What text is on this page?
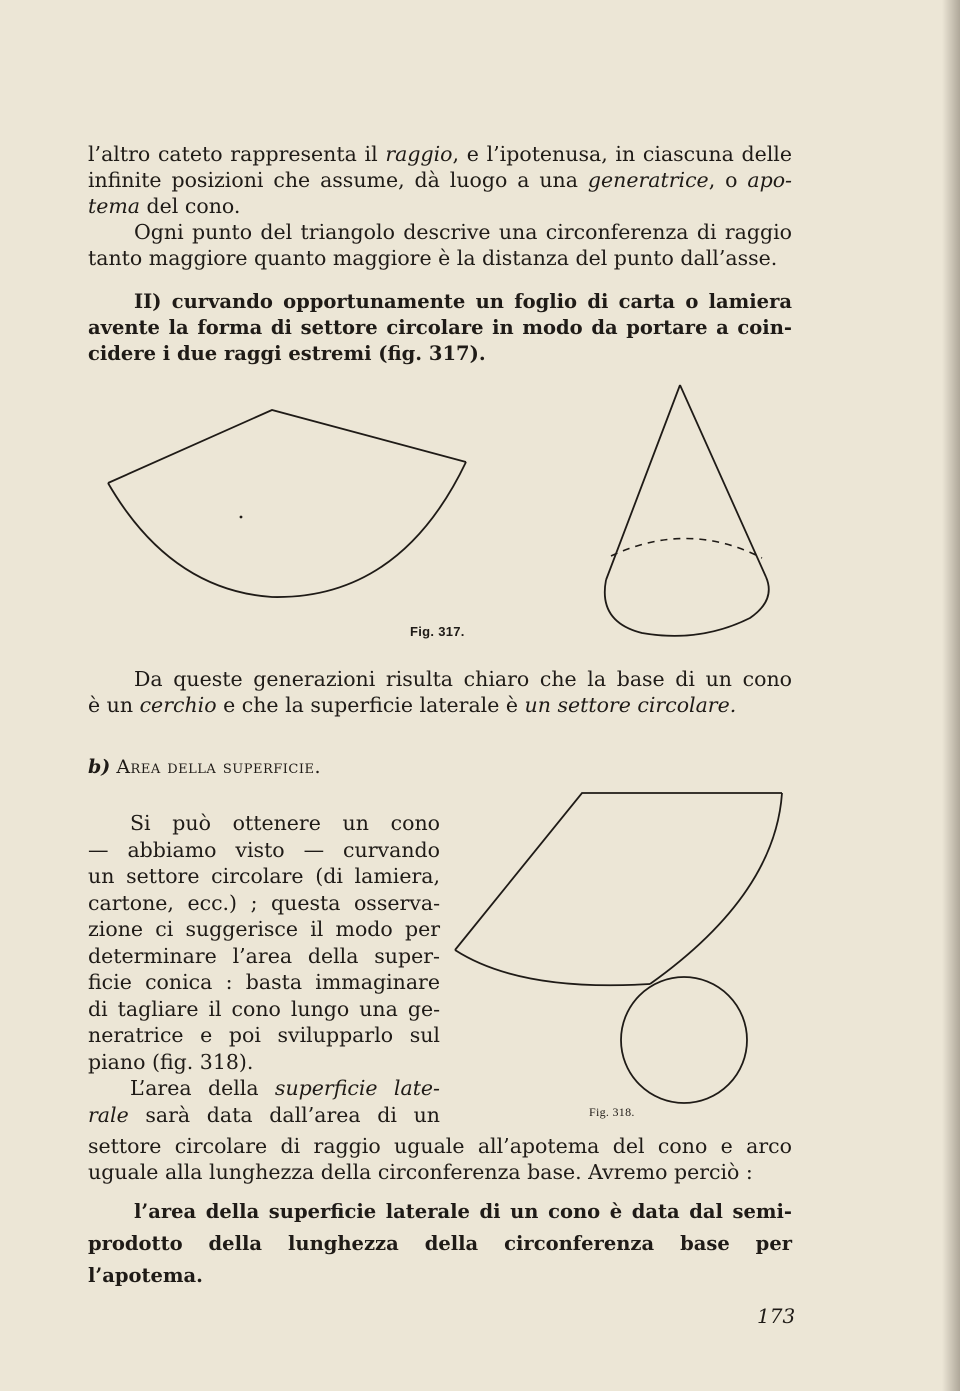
l’altro cateto rappresenta il raggio, e l’ipotenusa, in ciascuna delle
infinite posizioni che assume, dà luogo a una generatrice, o apo-
tema del cono.

Ogni punto del triangolo descrive una circonferenza di raggio
tanto maggiore quanto maggiore è la distanza del punto dall’asse.

II) curvando opportunamente un foglio di carta o lamiera
avente la forma di settore circolare in modo da portare a coin-
cidere i due raggi estremi (fig. 317).

Fig. 317.

Da queste generazioni risulta chiaro che la base di un cono
è un cerchio e che la superficie laterale è un settore circolare.

b) Area della superficie.

Si può ottenere un cono
— abbiamo visto — curvando
un settore circolare (di lamiera,
cartone, ecc.) ; questa osserva-
zione ci suggerisce il modo per
determinare l’area della super-
ficie conica : basta immaginare
di tagliare il cono lungo una ge-
neratrice e poi svilupparlo sul
piano (fig. 318).

L’area della superficie late-
rale sarà data dall’area di un

settore circolare di raggio uguale all’apotema del cono e arco
uguale alla lunghezza della circonferenza base. Avremo perciò :

Fig. 318.

l’area della superficie laterale di un cono è data dal semi-
prodotto della lunghezza della circonferenza base per l’apotema.

173
